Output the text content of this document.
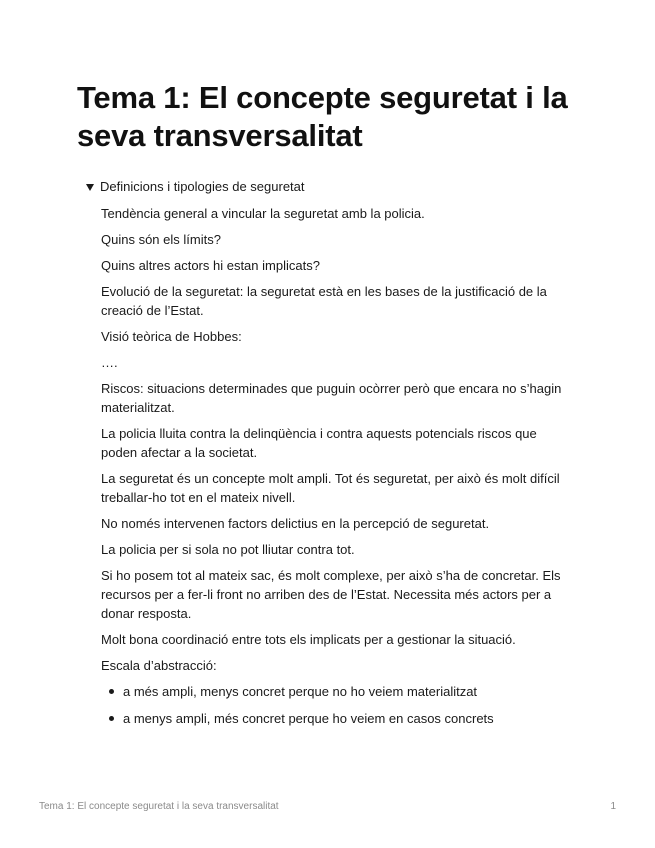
Tema 1: El concepte seguretat i la seva transversalitat
Definicions i tipologies de seguretat

Tendència general a vincular la seguretat amb la policia.

Quins són els límits?

Quins altres actors hi estan implicats?

Evolució de la seguretat: la seguretat està en les bases de la justificació de la creació de l’Estat.

Visió teòrica de Hobbes:

….

Riscos: situacions determinades que puguin ocòrrer però que encara no s’hagin materialitzat.

La policia lluita contra la delinqüència i contra aquests potencials riscos que poden afectar a la societat.

La seguretat és un concepte molt ampli. Tot és seguretat, per això és molt difícil treballar-ho tot en el mateix nivell.

No només intervenen factors delictius en la percepció de seguretat.

La policia per si sola no pot lliutar contra tot.

Si ho posem tot al mateix sac, és molt complexe, per això s’ha de concretar. Els recursos per a fer-li front no arriben des de l’Estat. Necessita més actors per a donar resposta.

Molt bona coordinació entre tots els implicats per a gestionar la situació.

Escala d’abstracció:

a més ampli, menys concret perque no ho veiem materialitzat
a menys ampli, més concret perque ho veiem en casos concrets
Tema 1: El concepte seguretat i la seva transversalitat	1
